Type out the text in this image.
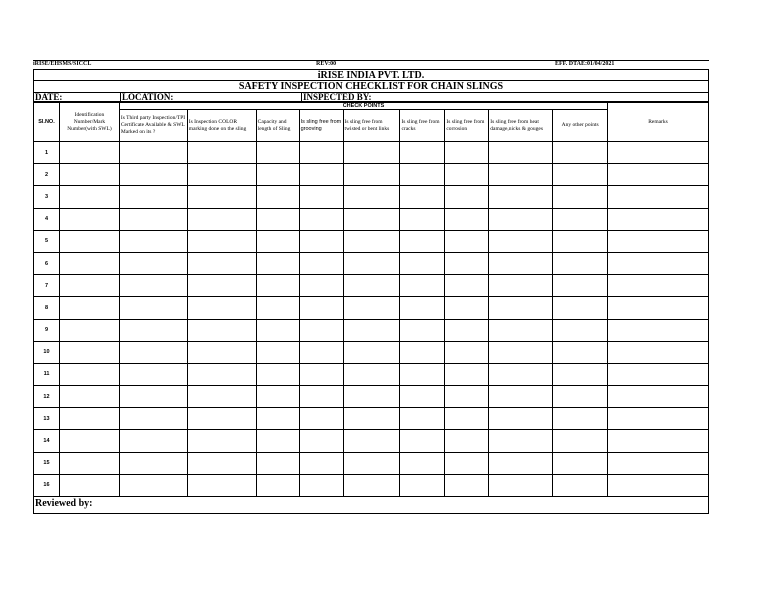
iRISE/EHSMS/SICCL	REV:00	EFF. DTAE:01/04/2021
iRISE INDIA PVT. LTD.
SAFETY INSPECTION CHECKLIST FOR CHAIN SLINGS
DATE:	LOCATION:	INSPECTED BY:
Sl.NO.	Identification Number/Mark Number(with SWL)	CHECK POINTS									Remarks
		Is Third party Inspection/TPI Certificate Available & SWL Marked on its ?	Is Inspection COLOR marking done on the sling	Capacity and length of Sling	Is sling free from grooving	Is sling free from twisted or bent links	Is sling free from cracks	Is sling free from corrosion	Is sling free from heat damage,nicks & gouges	Any other points	
1											
2											
3											
4											
5											
6											
7											
8											
9											
10											
11											
12											
13											
14											
15											
16											
Reviewed by:
